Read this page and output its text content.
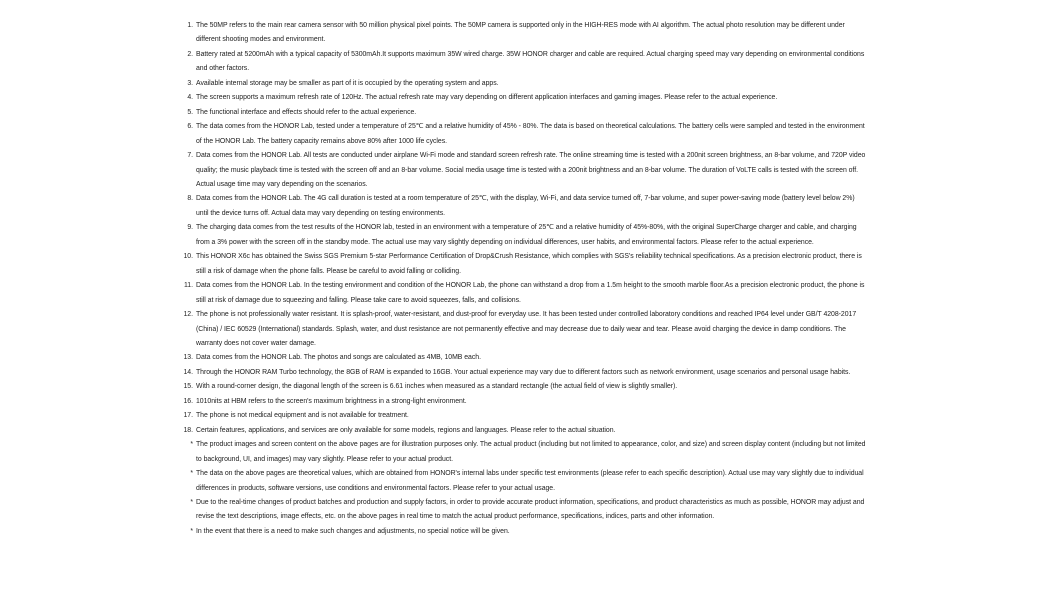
1. The 50MP refers to the main rear camera sensor with 50 million physical pixel points. The 50MP camera is supported only in the HIGH-RES mode with AI algorithm. The actual photo resolution may be different under different shooting modes and environment.
2. Battery rated at 5200mAh with a typical capacity of 5300mAh.It supports maximum 35W wired charge. 35W HONOR charger and cable are required. Actual charging speed may vary depending on environmental conditions and other factors.
3. Available internal storage may be smaller as part of it is occupied by the operating system and apps.
4. The screen supports a maximum refresh rate of 120Hz. The actual refresh rate may vary depending on different application interfaces and gaming images. Please refer to the actual experience.
5. The functional interface and effects should refer to the actual experience.
6. The data comes from the HONOR Lab, tested under a temperature of 25℃ and a relative humidity of 45% - 80%. The data is based on theoretical calculations. The battery cells were sampled and tested in the environment of the HONOR Lab. The battery capacity remains above 80% after 1000 life cycles.
7. Data comes from the HONOR Lab. All tests are conducted under airplane Wi-Fi mode and standard screen refresh rate. The online streaming time is tested with a 200nit screen brightness, an 8-bar volume, and 720P video quality; the music playback time is tested with the screen off and an 8-bar volume. Social media usage time is tested with a 200nit brightness and an 8-bar volume. The duration of VoLTE calls is tested with the screen off. Actual usage time may vary depending on the scenarios.
8. Data comes from the HONOR Lab. The 4G call duration is tested at a room temperature of 25℃, with the display, Wi-Fi, and data service turned off, 7-bar volume, and super power-saving mode (battery level below 2%) until the device turns off. Actual data may vary depending on testing environments.
9. The charging data comes from the test results of the HONOR lab, tested in an environment with a temperature of 25℃ and a relative humidity of 45%-80%, with the original SuperCharge charger and cable, and charging from a 3% power with the screen off in the standby mode. The actual use may vary slightly depending on individual differences, user habits, and environmental factors. Please refer to the actual experience.
10. This HONOR X6c has obtained the Swiss SGS Premium 5-star Performance Certification of Drop&Crush Resistance, which complies with SGS's reliability technical specifications. As a precision electronic product, there is still a risk of damage when the phone falls. Please be careful to avoid falling or colliding.
11. Data comes from the HONOR Lab. In the testing environment and condition of the HONOR Lab, the phone can withstand a drop from a 1.5m height to the smooth marble floor.As a precision electronic product, the phone is still at risk of damage due to squeezing and falling. Please take care to avoid squeezes, falls, and collisions.
12. The phone is not professionally water resistant. It is splash-proof, water-resistant, and dust-proof for everyday use. It has been tested under controlled laboratory conditions and reached IP64 level under GB/T 4208-2017 (China) / IEC 60529 (International) standards. Splash, water, and dust resistance are not permanently effective and may decrease due to daily wear and tear. Please avoid charging the device in damp conditions. The warranty does not cover water damage.
13. Data comes from the HONOR Lab. The photos and songs are calculated as 4MB, 10MB each.
14. Through the HONOR RAM Turbo technology, the 8GB of RAM is expanded to 16GB. Your actual experience may vary due to different factors such as network environment, usage scenarios and personal usage habits.
15. With a round-corner design, the diagonal length of the screen is 6.61 inches when measured as a standard rectangle (the actual field of view is slightly smaller).
16. 1010nits at HBM refers to the screen's maximum brightness in a strong-light environment.
17. The phone is not medical equipment and is not available for treatment.
18. Certain features, applications, and services are only available for some models, regions and languages. Please refer to the actual situation.
* The product images and screen content on the above pages are for illustration purposes only. The actual product (including but not limited to appearance, color, and size) and screen display content (including but not limited to background, UI, and images) may vary slightly. Please refer to your actual product.
* The data on the above pages are theoretical values, which are obtained from HONOR's internal labs under specific test environments (please refer to each specific description). Actual use may vary slightly due to individual differences in products, software versions, use conditions and environmental factors. Please refer to your actual usage.
* Due to the real-time changes of product batches and production and supply factors, in order to provide accurate product information, specifications, and product characteristics as much as possible, HONOR may adjust and revise the text descriptions, image effects, etc. on the above pages in real time to match the actual product performance, specifications, indices, parts and other information.
* In the event that there is a need to make such changes and adjustments, no special notice will be given.
